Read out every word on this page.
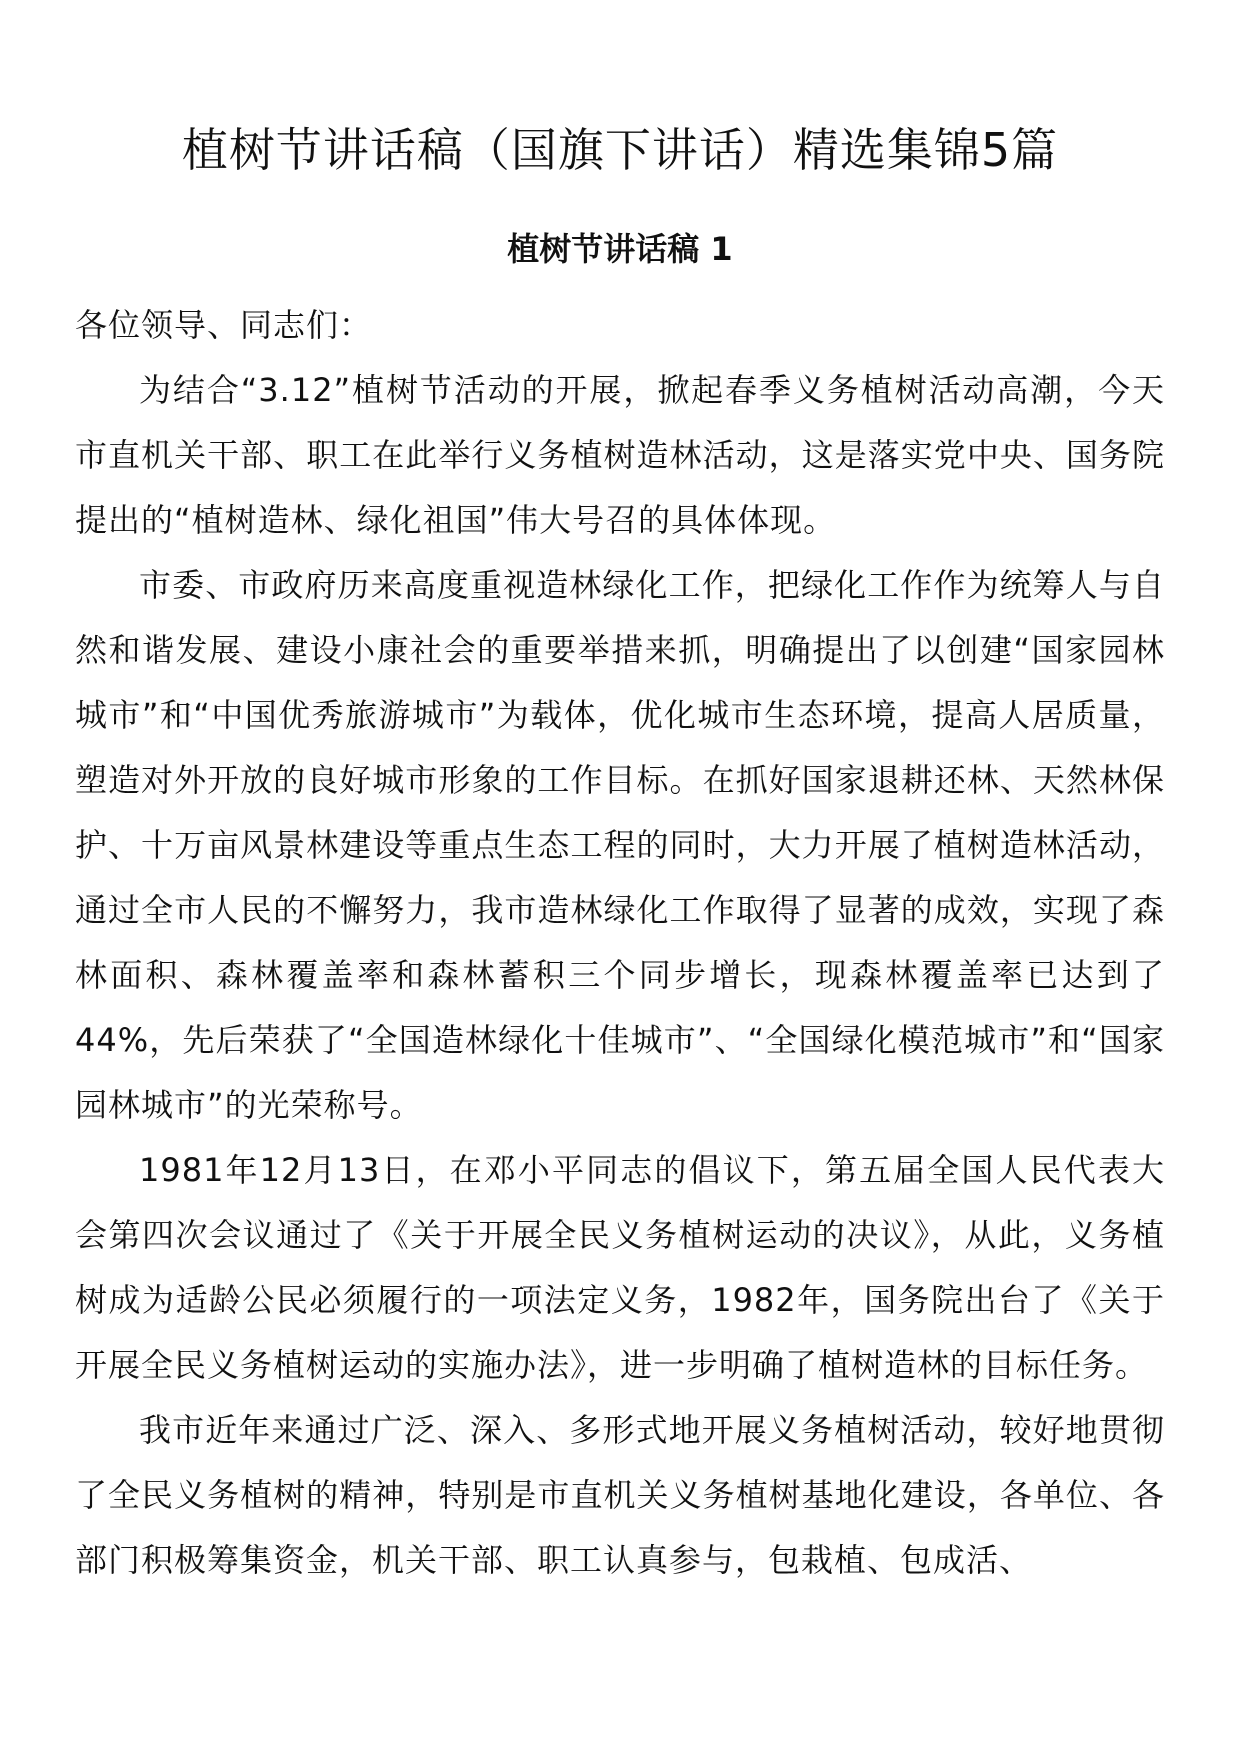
植树节讲话稿（国旗下讲话）精选集锦5篇
植树节讲话稿 1

各位领导、同志们：

为结合“3.12”植树节活动的开展，掀起春季义务植树活动高潮，今天市直机关干部、职工在此举行义务植树造林活动，这是落实党中央、国务院提出的“植树造林、绿化祖国”伟大号召的具体体现。

市委、市政府历来高度重视造林绿化工作，把绿化工作作为统筹人与自然和谐发展、建设小康社会的重要举措来抓，明确提出了以创建“国家园林城市”和“中国优秀旅游城市”为载体，优化城市生态环境，提高人居质量，塑造对外开放的良好城市形象的工作目标。在抓好国家退耕还林、天然林保护、十万亩风景林建设等重点生态工程的同时，大力开展了植树造林活动，通过全市人民的不懈努力，我市造林绿化工作取得了显著的成效，实现了森林面积、森林覆盖率和森林蓄积三个同步增长，现森林覆盖率已达到了44%，先后荣获了“全国造林绿化十佳城市”、“全国绿化模范城市”和“国家园林城市”的光荣称号。

1981年12月13日，在邓小平同志的倡议下，第五届全国人民代表大会第四次会议通过了《关于开展全民义务植树运动的决议》，从此，义务植树成为适龄公民必须履行的一项法定义务，1982年，国务院出台了《关于开展全民义务植树运动的实施办法》，进一步明确了植树造林的目标任务。

我市近年来通过广泛、深入、多形式地开展义务植树活动，较好地贯彻了全民义务植树的精神，特别是市直机关义务植树基地化建设，各单位、各部门积极筹集资金，机关干部、职工认真参与，包栽植、包成活、
